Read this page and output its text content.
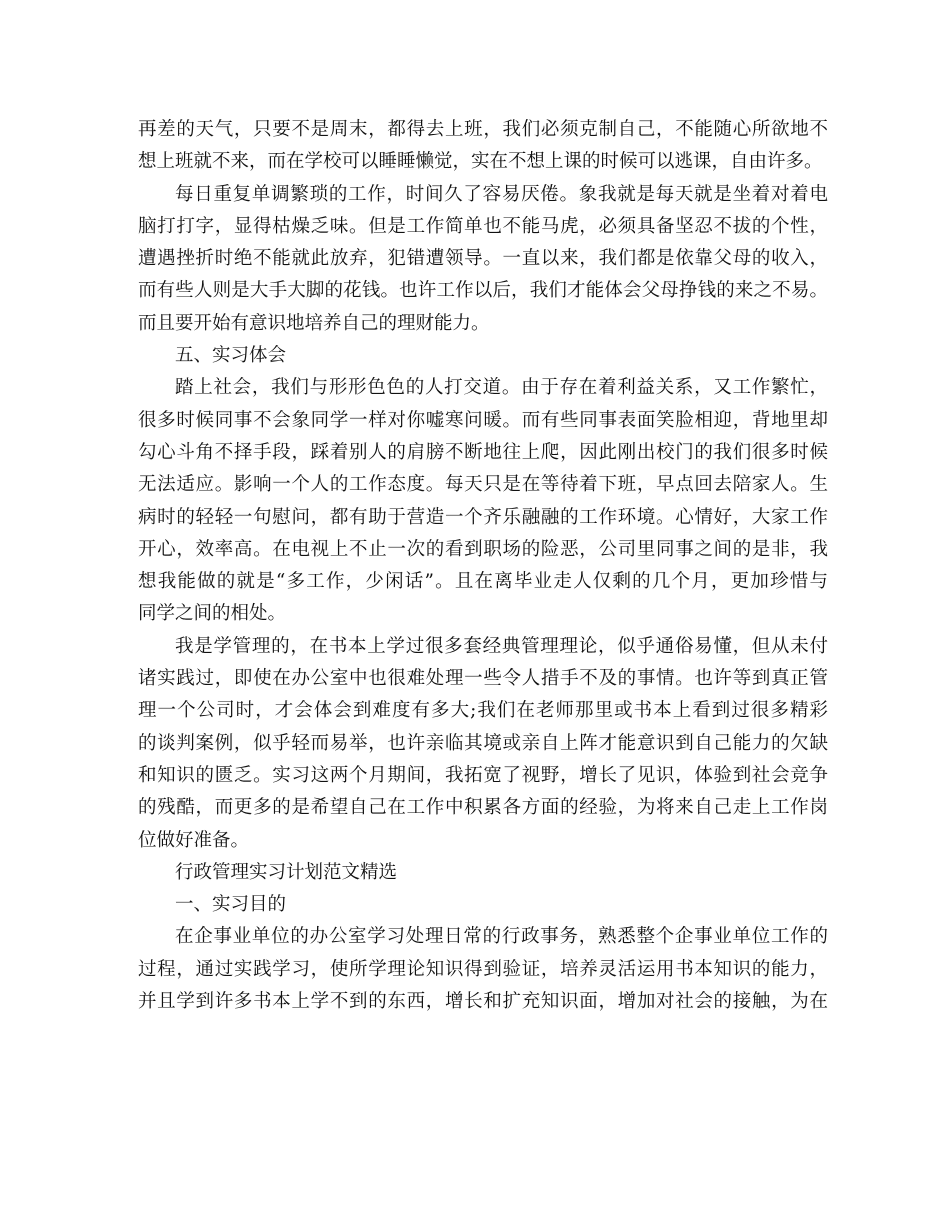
再差的天气，只要不是周末，都得去上班，我们必须克制自己，不能随心所欲地不
想上班就不来，而在学校可以睡睡懒觉，实在不想上课的时候可以逃课，自由许多。
每日重复单调繁琐的工作，时间久了容易厌倦。象我就是每天就是坐着对着电
脑打打字，显得枯燥乏味。但是工作简单也不能马虎，必须具备坚忍不拔的个性，
遭遇挫折时绝不能就此放弃，犯错遭领导。一直以来，我们都是依靠父母的收入，
而有些人则是大手大脚的花钱。也许工作以后，我们才能体会父母挣钱的来之不易。
而且要开始有意识地培养自己的理财能力。
五、实习体会
踏上社会，我们与形形色色的人打交道。由于存在着利益关系，又工作繁忙，
很多时候同事不会象同学一样对你嘘寒问暖。而有些同事表面笑脸相迎，背地里却
勾心斗角不择手段，踩着别人的肩膀不断地往上爬，因此刚出校门的我们很多时候
无法适应。影响一个人的工作态度。每天只是在等待着下班，早点回去陪家人。生
病时的轻轻一句慰问，都有助于营造一个齐乐融融的工作环境。心情好，大家工作
开心，效率高。在电视上不止一次的看到职场的险恶，公司里同事之间的是非，我
想我能做的就是“多工作，少闲话”。且在离毕业走人仅剩的几个月，更加珍惜与
同学之间的相处。
我是学管理的，在书本上学过很多套经典管理理论，似乎通俗易懂，但从未付
诸实践过，即使在办公室中也很难处理一些令人措手不及的事情。也许等到真正管
理一个公司时，才会体会到难度有多大;我们在老师那里或书本上看到过很多精彩
的谈判案例，似乎轻而易举，也许亲临其境或亲自上阵才能意识到自己能力的欠缺
和知识的匮乏。实习这两个月期间，我拓宽了视野，增长了见识，体验到社会竞争
的残酷，而更多的是希望自己在工作中积累各方面的经验，为将来自己走上工作岗
位做好准备。
行政管理实习计划范文精选
一、实习目的
在企事业单位的办公室学习处理日常的行政事务，熟悉整个企事业单位工作的
过程，通过实践学习，使所学理论知识得到验证，培养灵活运用书本知识的能力，
并且学到许多书本上学不到的东西，增长和扩充知识面，增加对社会的接触，为在
